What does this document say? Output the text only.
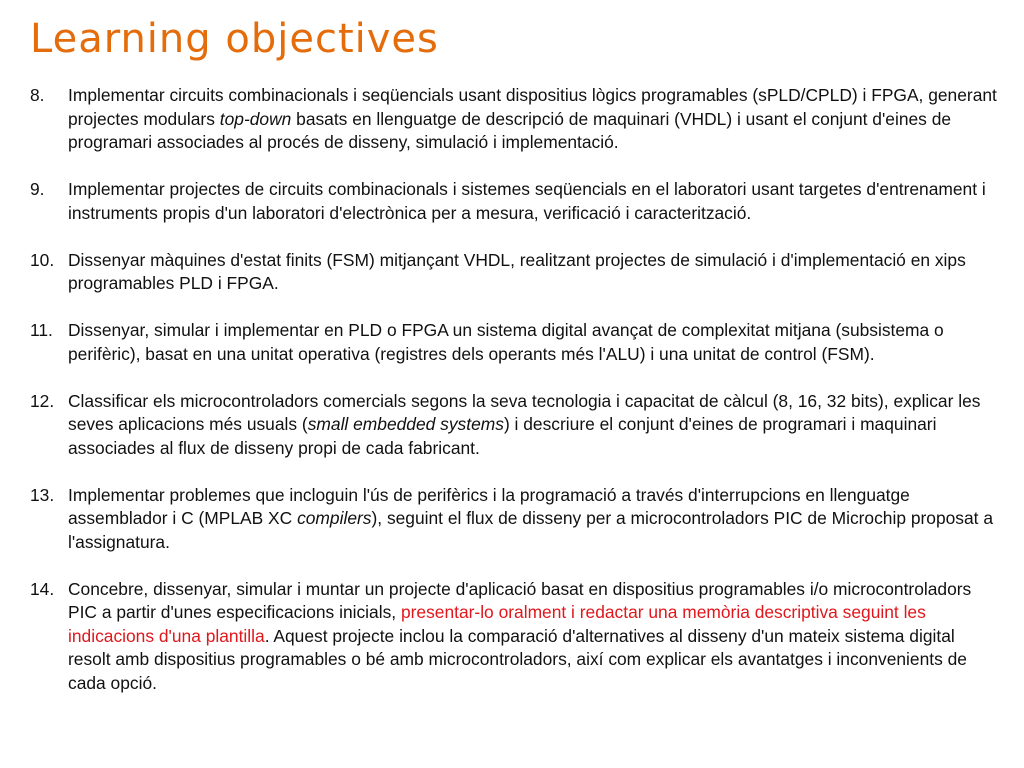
Learning objectives
8.	Implementar circuits combinacionals i seqüencials usant dispositius lògics programables (sPLD/CPLD) i FPGA, generant projectes modulars top-down basats en llenguatge de descripció de maquinari (VHDL) i usant el conjunt d'eines de programari associades al procés de disseny, simulació i implementació.
9.	Implementar projectes de circuits combinacionals i sistemes seqüencials en el laboratori usant targetes d'entrenament i instruments propis d'un laboratori d'electrònica per a mesura, verificació i caracterització.
10. Dissenyar màquines d'estat finits (FSM) mitjançant VHDL, realitzant projectes de simulació i d'implementació en xips programables PLD i FPGA.
11. Dissenyar, simular i implementar en PLD o FPGA un sistema digital avançat de complexitat mitjana (subsistema o perifèric), basat en una unitat operativa (registres dels operants més l'ALU) i una unitat de control (FSM).
12. Classificar els microcontroladors comercials segons la seva tecnologia i capacitat de càlcul (8, 16, 32 bits), explicar les seves aplicacions més usuals (small embedded systems) i descriure el conjunt d'eines de programari i maquinari associades al flux de disseny propi de cada fabricant.
13. Implementar problemes que incloguin l'ús de perifèrics i la programació a través d'interrupcions en llenguatge assemblador i C (MPLAB XC compilers), seguint el flux de disseny per a microcontroladors PIC de Microchip proposat a l'assignatura.
14. Concebre, dissenyar, simular i muntar un projecte d'aplicació basat en dispositius programables i/o microcontroladors PIC a partir d'unes especificacions inicials, presentar-lo oralment i redactar una memòria descriptiva seguint les indicacions d'una plantilla. Aquest projecte inclou la comparació d'alternatives al disseny d'un mateix sistema digital resolt amb dispositius programables o bé amb microcontroladors, així com explicar els avantatges i inconvenients de cada opció.
